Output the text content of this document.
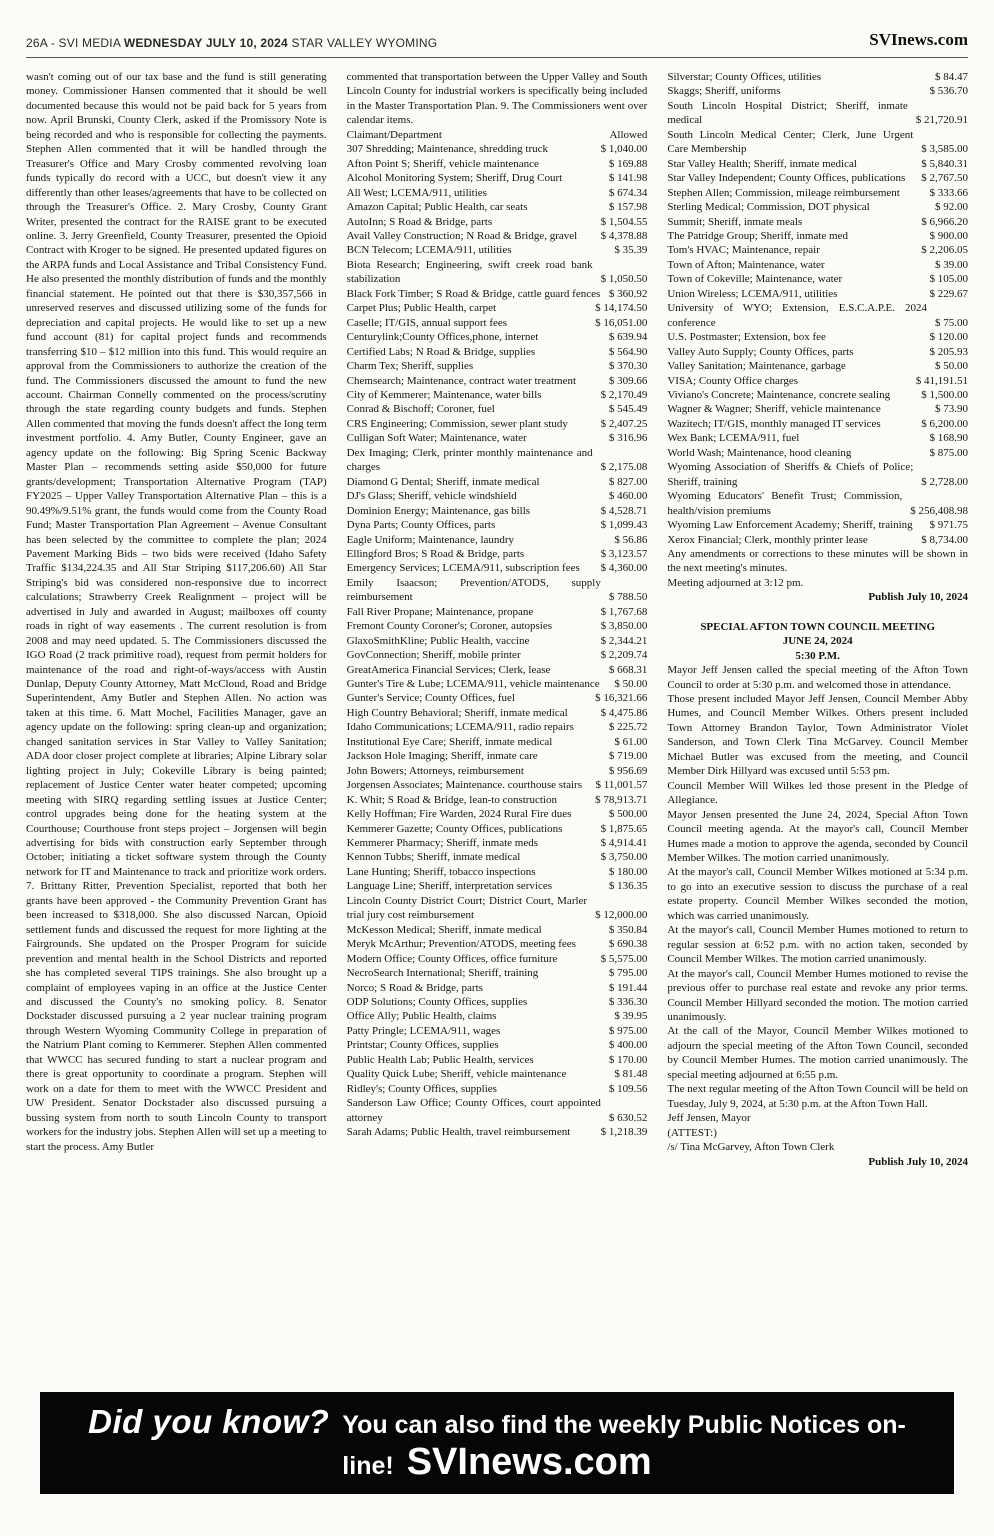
26A - SVI MEDIA WEDNESDAY JULY 10, 2024 STAR VALLEY WYOMING	SVInews.com

wasn't coming out of our tax base and the fund is still generating money. Commissioner Hansen commented that it should be well documented because this would not be paid back for 5 years from now. April Brunski, County Clerk, asked if the Promissory Note is being recorded and who is responsible for collecting the payments. Stephen Allen commented that it will be handled through the Treasurer's Office and Mary Crosby commented revolving loan funds typically do record with a UCC, but doesn't view it any differently than other leases/agreements that have to be collected on through the Treasurer's Office. 2. Mary Crosby, County Grant Writer, presented the contract for the RAISE grant to be executed online. 3. Jerry Greenfield, County Treasurer, presented the Opioid Contract with Kroger to be signed. He presented updated figures on the ARPA funds and Local Assistance and Tribal Consistency Fund. He also presented the monthly distribution of funds and the monthly financial statement. He pointed out that there is $30,357,566 in unreserved reserves and discussed utilizing some of the funds for depreciation and capital projects. He would like to set up a new fund account (81) for capital project funds and recommends transferring $10 – $12 million into this fund. This would require an approval from the Commissioners to authorize the creation of the fund. The Commissioners discussed the amount to fund the new account. Chairman Connelly commented on the process/scrutiny through the state regarding county budgets and funds. Stephen Allen commented that moving the funds doesn't affect the long term investment portfolio. 4. Amy Butler, County Engineer, gave an agency update on the following: Big Spring Scenic Backway Master Plan – recommends setting aside $50,000 for future grants/development; Transportation Alternative Program (TAP) FY2025 – Upper Valley Transportation Alternative Plan – this is a 90.49%/9.51% grant, the funds would come from the County Road Fund; Master Transportation Plan Agreement – Avenue Consultant has been selected by the committee to complete the plan; 2024 Pavement Marking Bids – two bids were received (Idaho Safety Traffic $134,224.35 and All Star Striping $117,206.60) All Star Striping's bid was considered non-responsive due to incorrect calculations; Strawberry Creek Realignment – project will be advertised in July and awarded in August; mailboxes off county roads in right of way easements . The current resolution is from 2008 and may need updated. 5. The Commissioners discussed the IGO Road (2 track primitive road), request from permit holders for maintenance of the road and right-of-ways/access with Austin Dunlap, Deputy County Attorney, Matt McCloud, Road and Bridge Superintendent, Amy Butler and Stephen Allen. No action was taken at this time. 6. Matt Mochel, Facilities Manager, gave an agency update on the following: spring clean-up and organization; changed sanitation services in Star Valley to Valley Sanitation; ADA door closer project complete at libraries; Alpine Library solar lighting project in July; Cokeville Library is being painted; replacement of Justice Center water heater competed; upcoming meeting with SIRQ regarding settling issues at Justice Center; control upgrades being done for the heating system at the Courthouse; Courthouse front steps project – Jorgensen will begin advertising for bids with construction early September through October; initiating a ticket software system through the County network for IT and Maintenance to track and prioritize work orders. 7. Brittany Ritter, Prevention Specialist, reported that both her grants have been approved - the Community Prevention Grant has been increased to $318,000. She also discussed Narcan, Opioid settlement funds and discussed the request for more lighting at the Fairgrounds. She updated on the Prosper Program for suicide prevention and mental health in the School Districts and reported she has completed several TIPS trainings. She also brought up a complaint of employees vaping in an office at the Justice Center and discussed the County's no smoking policy. 8. Senator Dockstader discussed pursuing a 2 year nuclear training program through Western Wyoming Community College in preparation of the Natrium Plant coming to Kemmerer. Stephen Allen commented that WWCC has secured funding to start a nuclear program and there is great opportunity to coordinate a program. Stephen will work on a date for them to meet with the WWCC President and UW President. Senator Dockstader also discussed pursuing a bussing system from north to south Lincoln County to transport workers for the industry jobs. Stephen Allen will set up a meeting to start the process. Amy Butler

commented that transportation between the Upper Valley and South Lincoln County for industrial workers is specifically being included in the Master Transportation Plan. 9. The Commissioners went over calendar items.

Claimant/Department	Allowed
307 Shredding; Maintenance, shredding truck	$ 1,040.00
Afton Point S; Sheriff, vehicle maintenance	$ 169.88
Alcohol Monitoring System; Sheriff, Drug Court	$ 141.98
All West; LCEMA/911, utilities	$ 674.34
Amazon Capital; Public Health, car seats	$ 157.98
AutoInn; S Road & Bridge, parts	$ 1,504.55
Avail Valley Construction; N Road & Bridge, gravel	$ 4,378.88
BCN Telecom; LCEMA/911, utilities	$ 35.39
Biota Research; Engineering, swift creek road bank stabilization	$ 1,050.50
Black Fork Timber; S Road & Bridge, cattle guard fences $ 360.92
Carpet Plus; Public Health, carpet	$ 14,174.50
Caselle; IT/GIS, annual support fees	$ 16,051.00
Centurylink;County Offices,phone, internet	$ 639.94
Certified Labs; N Road & Bridge, supplies	$ 564.90
Charm Tex; Sheriff, supplies	$ 370.30
Chemsearch; Maintenance, contract water treatment	$ 309.66
City of Kemmerer; Maintenance, water bills	$ 2,170.49
Conrad & Bischoff; Coroner, fuel	$ 545.49
CRS Engineering; Commission, sewer plant study	$ 2,407.25
Culligan Soft Water; Maintenance, water	$ 316.96
Dex Imaging; Clerk, printer monthly maintenance and charges	$ 2,175.08
Diamond G Dental; Sheriff, inmate medical	$ 827.00
DJ's Glass; Sheriff, vehicle windshield	$ 460.00
Dominion Energy; Maintenance, gas bills	$ 4,528.71
Dyna Parts; County Offices, parts	$ 1,099.43
Eagle Uniform; Maintenance, laundry	$ 56.86
Ellingford Bros; S Road & Bridge, parts	$ 3,123.57
Emergency Services; LCEMA/911, subscription fees	$ 4,360.00
Emily Isaacson; Prevention/ATODS, supply reimbursement	$ 788.50
Fall River Propane; Maintenance, propane	$ 1,767.68
Fremont County Coroner's; Coroner, autopsies	$ 3,850.00
GlaxoSmithKline; Public Health, vaccine	$ 2,344.21
GovConnection; Sheriff, mobile printer	$ 2,209.74
GreatAmerica Financial Services; Clerk, lease	$ 668.31
Gunter's Tire & Lube; LCEMA/911, vehicle maintenance	$ 50.00
Gunter's Service; County Offices, fuel	$ 16,321.66
High Country Behavioral; Sheriff, inmate medical	$ 4,475.86
Idaho Communications; LCEMA/911, radio repairs	$ 225.72
Institutional Eye Care; Sheriff, inmate medical	$ 61.00
Jackson Hole Imaging; Sheriff, inmate care	$ 719.00
John Bowers; Attorneys, reimbursement	$ 956.69
Jorgensen Associates; Maintenance. courthouse stairs	$ 11,001.57
K. Whit; S Road & Bridge, lean-to construction	$ 78,913.71
Kelly Hoffman; Fire Warden, 2024 Rural Fire dues	$ 500.00
Kemmerer Gazette; County Offices, publications	$ 1,875.65
Kemmerer Pharmacy; Sheriff, inmate meds	$ 4,914.41
Kennon Tubbs; Sheriff, inmate medical	$ 3,750.00
Lane Hunting; Sheriff, tobacco inspections	$ 180.00
Language Line; Sheriff, interpretation services	$ 136.35
Lincoln County District Court; District Court, Marler trial jury cost reimbursement	$ 12,000.00
McKesson Medical; Sheriff, inmate medical	$ 350.84
Meryk McArthur; Prevention/ATODS, meeting fees	$ 690.38
Modern Office; County Offices, office furniture	$ 5,575.00
NecroSearch International; Sheriff, training	$ 795.00
Norco; S Road & Bridge, parts	$ 191.44
ODP Solutions; County Offices, supplies	$ 336.30
Office Ally; Public Health, claims	$ 39.95
Patty Pringle; LCEMA/911, wages	$ 975.00
Printstar; County Offices, supplies	$ 400.00
Public Health Lab; Public Health, services	$ 170.00
Quality Quick Lube; Sheriff, vehicle maintenance	$ 81.48
Ridley's; County Offices, supplies	$ 109.56
Sanderson Law Office; County Offices, court appointed attorney	$ 630.52
Sarah Adams; Public Health, travel reimbursement	$ 1,218.39
Silverstar; County Offices, utilities	$ 84.47
Skaggs; Sheriff, uniforms	$ 536.70
South Lincoln Hospital District; Sheriff, inmate medical	$ 21,720.91
South Lincoln Medical Center; Clerk, June Urgent Care Membership	$ 3,585.00
Star Valley Health; Sheriff, inmate medical	$ 5,840.31
Star Valley Independent; County Offices, publications	$ 2,767.50
Stephen Allen; Commission, mileage reimbursement	$ 333.66
Sterling Medical; Commission, DOT physical	$ 92.00
Summit; Sheriff, inmate meals	$ 6,966.20
The Patridge Group; Sheriff, inmate med	$ 900.00
Tom's HVAC; Maintenance, repair	$ 2,206.05
Town of Afton; Maintenance, water	$ 39.00
Town of Cokeville; Maintenance, water	$ 105.00
Union Wireless; LCEMA/911, utilities	$ 229.67
University of WYO; Extension, E.S.C.A.P.E. 2024 conference	$ 75.00
U.S. Postmaster; Extension, box fee	$ 120.00
Valley Auto Supply; County Offices, parts	$ 205.93
Valley Sanitation; Maintenance, garbage	$ 50.00
VISA; County Office charges	$ 41,191.51
Viviano's Concrete; Maintenance, concrete sealing	$ 1,500.00
Wagner & Wagner; Sheriff, vehicle maintenance	$ 73.90
Wazitech; IT/GIS, monthly managed IT services	$ 6,200.00
Wex Bank; LCEMA/911, fuel	$ 168.90
World Wash; Maintenance, hood cleaning	$ 875.00
Wyoming Association of Sheriffs & Chiefs of Police; Sheriff, training	$ 2,728.00
Wyoming Educators' Benefit Trust; Commission, health/vision premiums	$ 256,408.98
Wyoming Law Enforcement Academy; Sheriff, training	$ 971.75
Xerox Financial; Clerk, monthly printer lease	$ 8,734.00

Any amendments or corrections to these minutes will be shown in the next meeting's minutes.

Meeting adjourned at 3:12 pm.

Publish July 10, 2024

SPECIAL AFTON TOWN COUNCIL MEETING
JUNE 24, 2024
5:30 P.M.
Mayor Jeff Jensen called the special meeting of the Afton Town Council to order at 5:30 p.m. and welcomed those in attendance.
Those present included Mayor Jeff Jensen, Council Member Abby Humes, and Council Member Wilkes. Others present included Town Attorney Brandon Taylor, Town Administrator Violet Sanderson, and Town Clerk Tina McGarvey. Council Member Michael Butler was excused from the meeting, and Council Member Dirk Hillyard was excused until 5:53 pm.
Council Member Will Wilkes led those present in the Pledge of Allegiance.
Mayor Jensen presented the June 24, 2024, Special Afton Town Council meeting agenda. At the mayor's call, Council Member Humes made a motion to approve the agenda, seconded by Council Member Wilkes. The motion carried unanimously.
At the mayor's call, Council Member Wilkes motioned at 5:34 p.m. to go into an executive session to discuss the purchase of a real estate property. Council Member Wilkes seconded the motion, which was carried unanimously.
At the mayor's call, Council Member Humes motioned to return to regular session at 6:52 p.m. with no action taken, seconded by Council Member Wilkes. The motion carried unanimously.
At the mayor's call, Council Member Humes motioned to revise the previous offer to purchase real estate and revoke any prior terms. Council Member Hillyard seconded the motion. The motion carried unanimously.
At the call of the Mayor, Council Member Wilkes motioned to adjourn the special meeting of the Afton Town Council, seconded by Council Member Humes. The motion carried unanimously. The special meeting adjourned at 6:55 p.m.
The next regular meeting of the Afton Town Council will be held on Tuesday, July 9, 2024, at 5:30 p.m. at the Afton Town Hall.
Jeff Jensen, Mayor
(ATTEST:)
/s/ Tina McGarvey, Afton Town Clerk

Publish July 10, 2024

Did you know? You can also find the weekly Public Notices on-
line! SVInews.com
